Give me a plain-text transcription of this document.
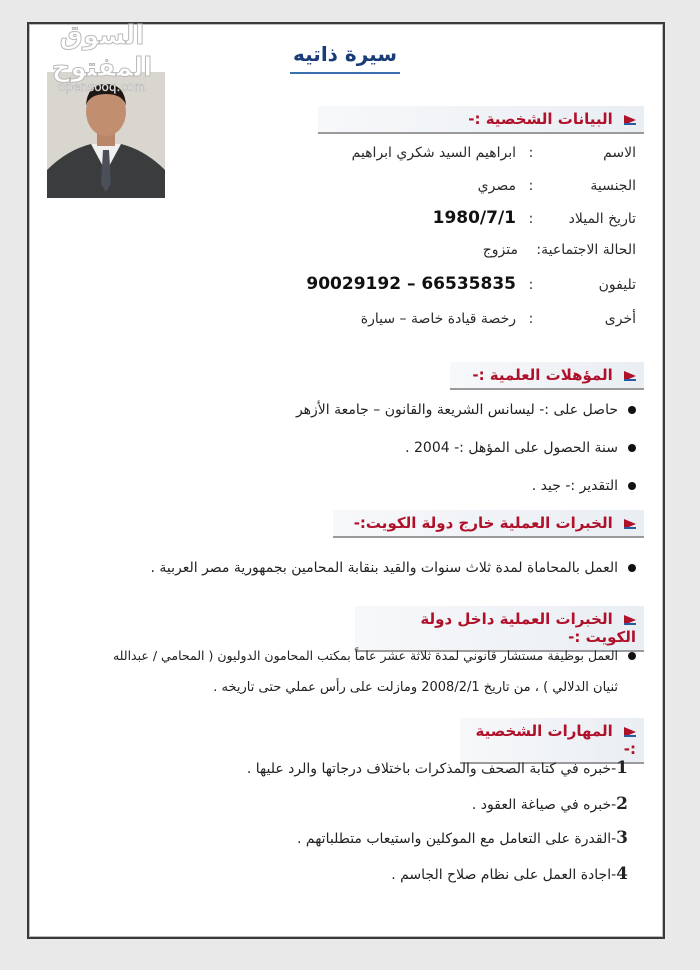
السوق المفتوح
opensooq.com
سيرة ذاتيه
البيانات الشخصية :-
الاسم:ابراهيم السيد شكري ابراهيم
الجنسية:مصري
تاريخ الميلاد:1980/7/1
الحالة الاجتماعية:متزوج
تليفون:90029192 – 66535835
أخرى:رخصة قيادة خاصة – سيارة
المؤهلات العلمية :-
حاصل على :- ليسانس الشريعة والقانون – جامعة الأزهر
سنة الحصول على المؤهل :- 2004 .
التقدير :- جيد .
الخبرات العملية خارج دولة الكويت:-
العمل بالمحاماة لمدة ثلاث سنوات والقيد بنقابة المحامين بجمهورية مصر العربية .
الخبرات العملية داخل دولة الكويت :-
العمل بوظيفة مستشار قانوني لمدة ثلاثة عشر عاماً بمكتب المحامون الدوليون ( المحامي / عبدالله
ثنيان الدلالي ) ، من تاريخ 2008/2/1 ومازلت على رأس عملي حتى تاريخه .
المهارات الشخصية :-
1-خبره في كتابة الصحف والمذكرات باختلاف درجاتها والرد عليها .
2-خبره في صياغة العقود .
3-القدرة على التعامل مع الموكلين واستيعاب متطلباتهم .
4-اجادة العمل على نظام صلاح الجاسم .
